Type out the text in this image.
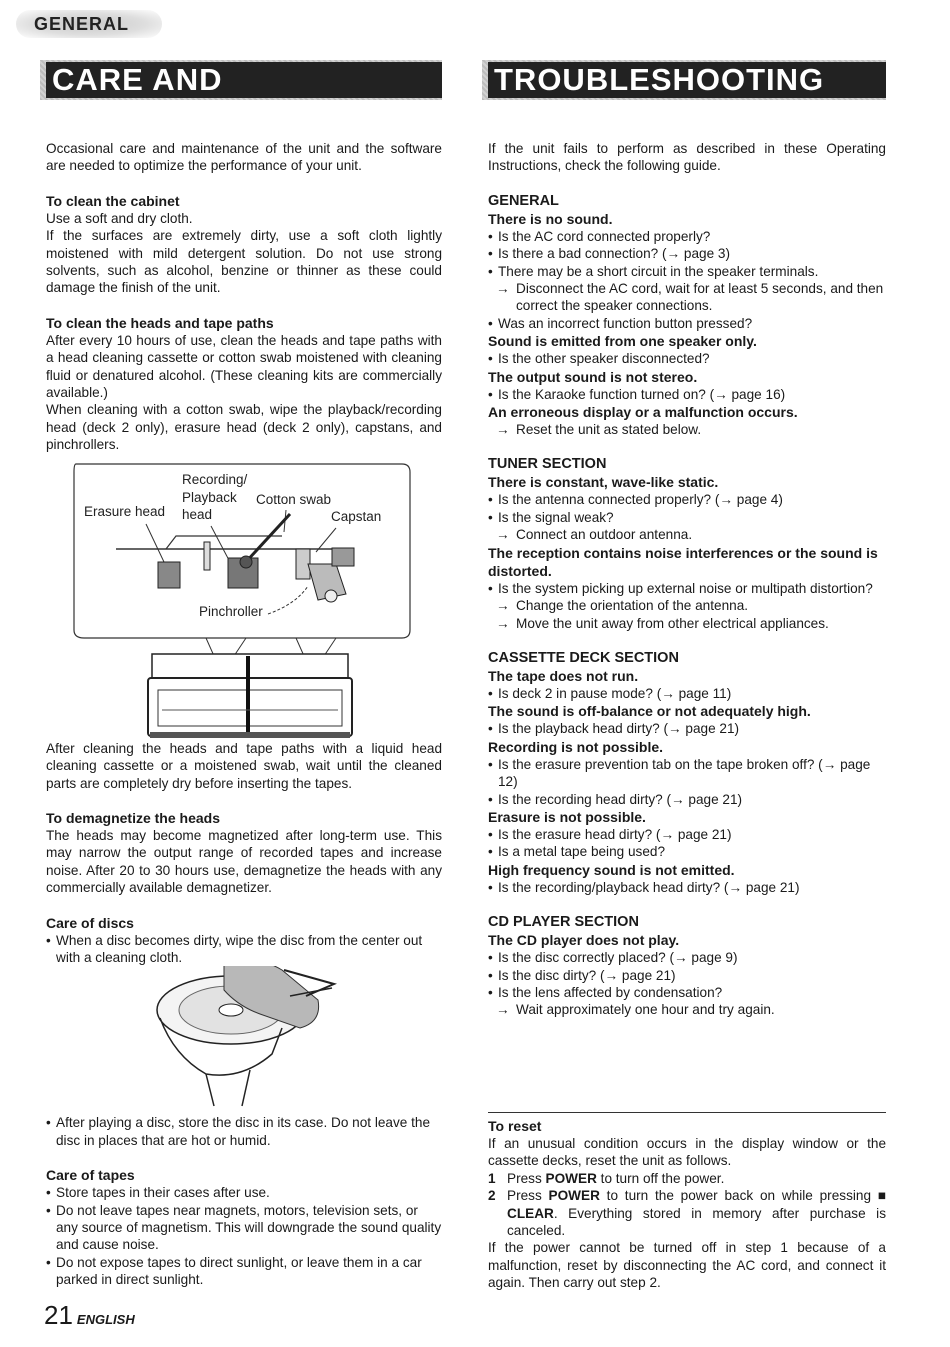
GENERAL
CARE AND MAINTENANCE
TROUBLESHOOTING GUIDE

Occasional care and maintenance of the unit and the software are needed to optimize the performance of your unit.

To clean the cabinet

Use a soft and dry cloth.

If the surfaces are extremely dirty, use a soft cloth lightly moistened with mild detergent solution. Do not use strong solvents, such as alcohol, benzine or thinner as these could damage the finish of the unit.

To clean the heads and tape paths

After every 10 hours of use, clean the heads and tape paths with a head cleaning cassette or cotton swab moistened with cleaning fluid or denatured alcohol. (These cleaning kits are commercially available.)

When cleaning with a cotton swab, wipe the playback/recording head (deck 2 only), erasure head (deck 2 only), capstans, and pinchrollers.

Recording/
Playback
head
Cotton swab
Erasure head	Capstan
Pinchroller

After cleaning the heads and tape paths with a liquid head cleaning cassette or a moistened swab, wait until the cleaned parts are completely dry before inserting the tapes.

To demagnetize the heads

The heads may become magnetized after long-term use. This may narrow the output range of recorded tapes and increase noise. After 20 to 30 hours use, demagnetize the heads with any commercially available demagnetizer.

Care of discs
• When a disc becomes dirty, wipe the disc from the center out with a cleaning cloth.
• After playing a disc, store the disc in its case. Do not leave the disc in places that are hot or humid.
Care of tapes
• Store tapes in their cases after use.
• Do not leave tapes near magnets, motors, television sets, or any source of magnetism. This will downgrade the sound quality and cause noise.
• Do not expose tapes to direct sunlight, or leave them in a car parked in direct sunlight.

If the unit fails to perform as described in these Operating Instructions, check the following guide.

GENERAL
There is no sound.
• Is the AC cord connected properly?
• Is there a bad connection? (→ page 3)
• There may be a short circuit in the speaker terminals.
→ Disconnect the AC cord, wait for at least 5 seconds, and then correct the speaker connections.
• Was an incorrect function button pressed?
Sound is emitted from one speaker only.
• Is the other speaker disconnected?
The output sound is not stereo.
• Is the Karaoke function turned on? (→ page 16)
An erroneous display or a malfunction occurs.
→ Reset the unit as stated below.
TUNER SECTION
There is constant, wave-like static.
• Is the antenna connected properly? (→ page 4)
• Is the signal weak?
→ Connect an outdoor antenna.
The reception contains noise interferences or the sound is distorted.
• Is the system picking up external noise or multipath distortion?
→ Change the orientation of the antenna.
→ Move the unit away from other electrical appliances.
CASSETTE DECK SECTION
The tape does not run.
• Is deck 2 in pause mode? (→ page 11)
The sound is off-balance or not adequately high.
• Is the playback head dirty? (→ page 21)
Recording is not possible.
• Is the erasure prevention tab on the tape broken off? (→ page 12)
• Is the recording head dirty? (→ page 21)
Erasure is not possible.
• Is the erasure head dirty? (→ page 21)
• Is a metal tape being used?
High frequency sound is not emitted.
• Is the recording/playback head dirty? (→ page 21)
CD PLAYER SECTION
The CD player does not play.
• Is the disc correctly placed? (→ page 9)
• Is the disc dirty? (→ page 21)
• Is the lens affected by condensation?
→ Wait approximately one hour and try again.
To reset

If an unusual condition occurs in the display window or the cassette decks, reset the unit as follows.

1 Press POWER to turn off the power.
2 Press POWER to turn the power back on while pressing ■ CLEAR. Everything stored in memory after purchase is canceled.

If the power cannot be turned off in step 1 because of a malfunction, reset by disconnecting the AC cord, and connect it again. Then carry out step 2.

21 ENGLISH
